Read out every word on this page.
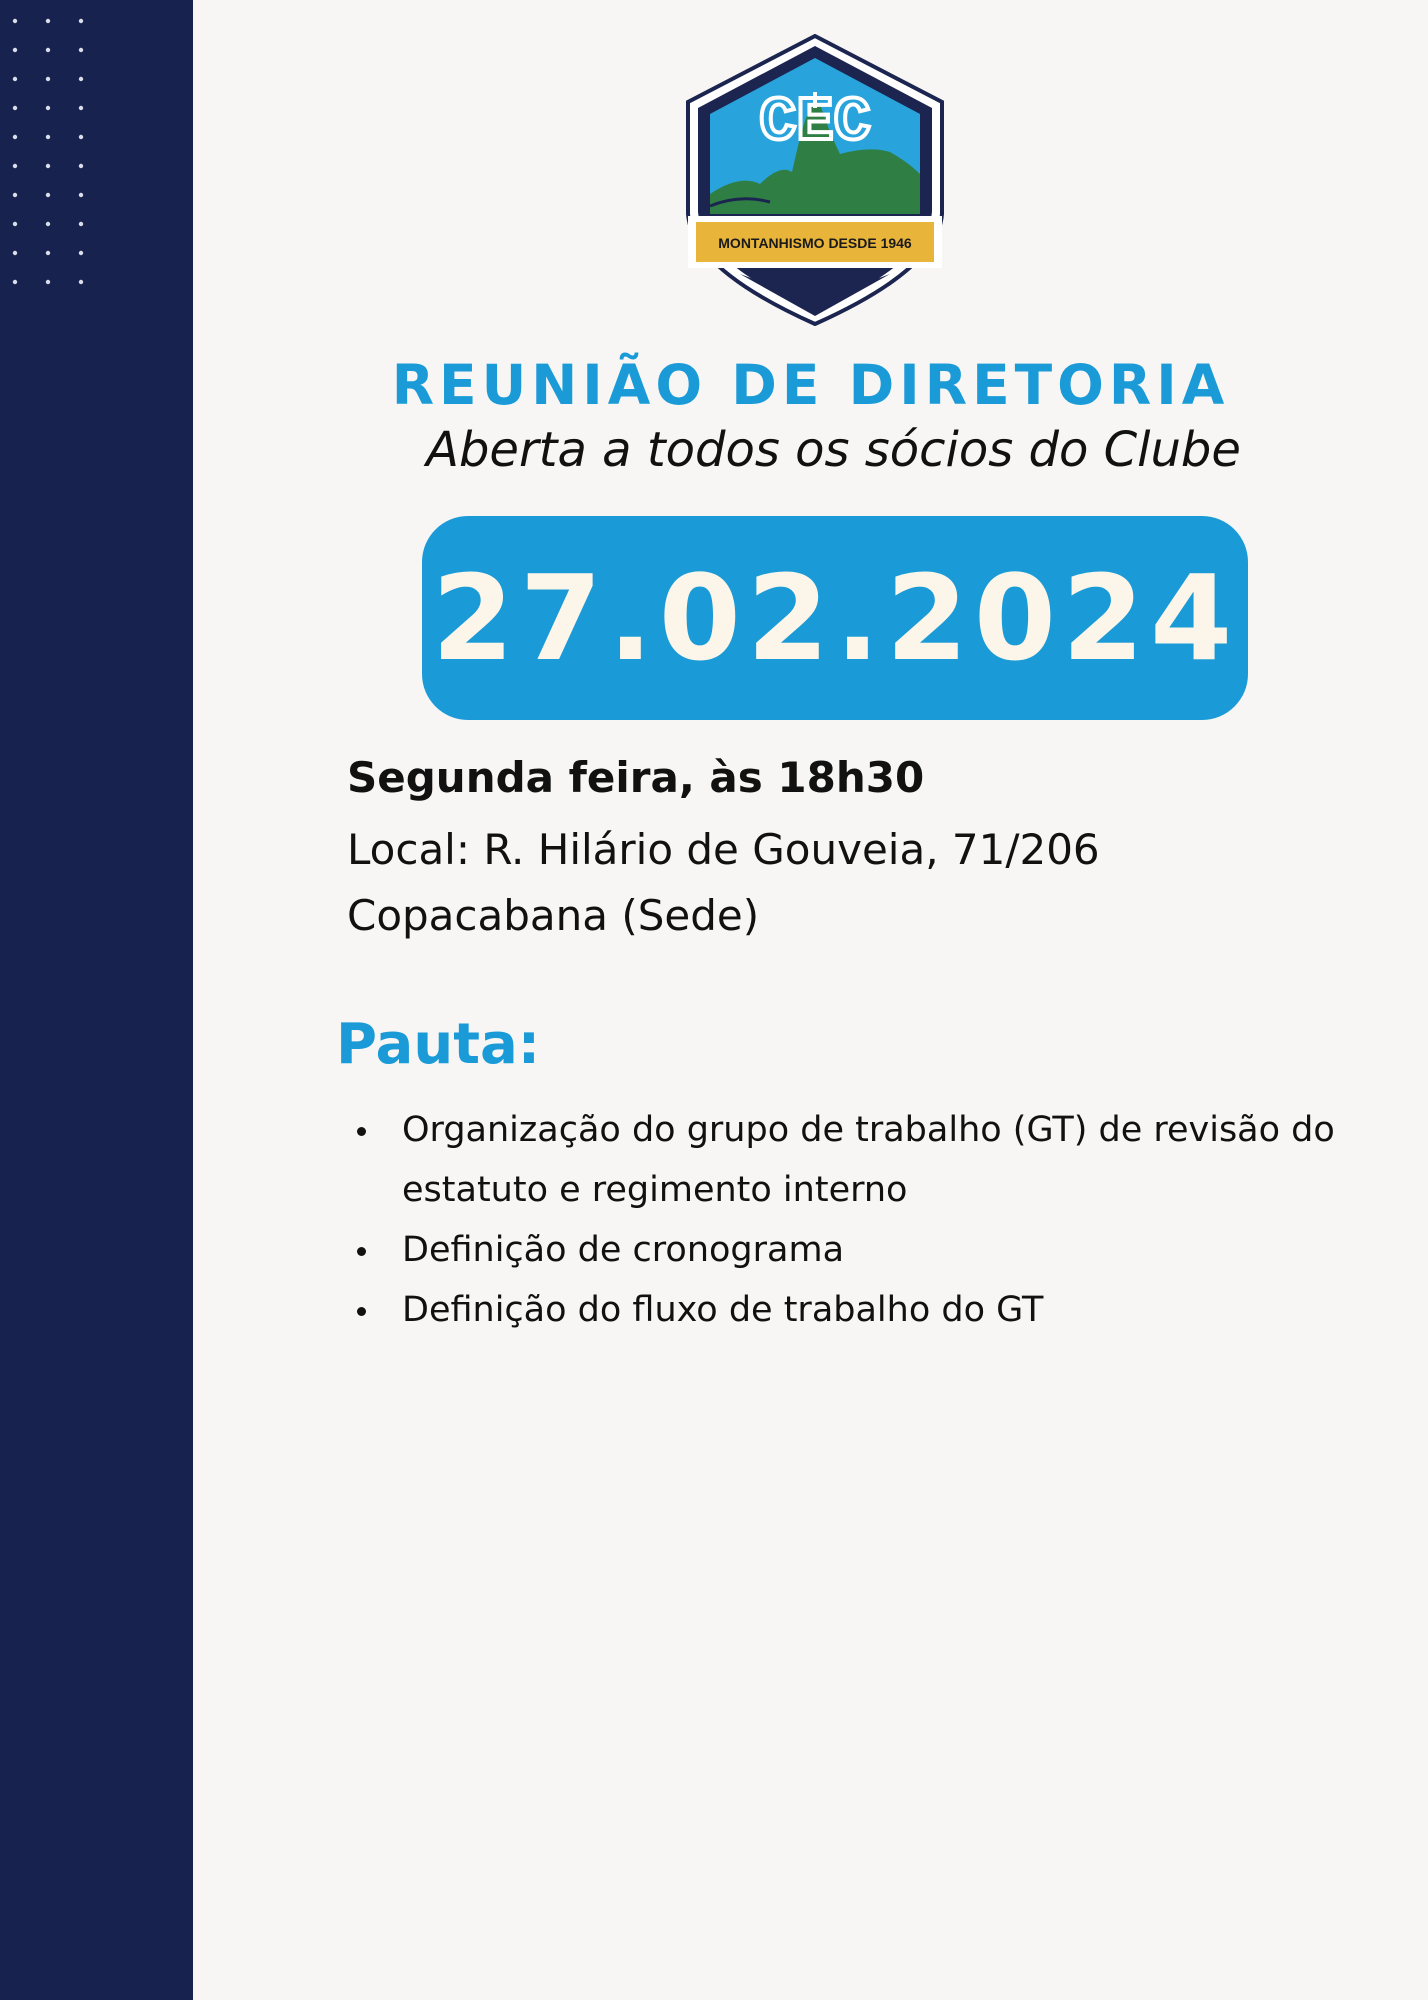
CEC
MONTANHISMO DESDE 1946
REUNIÃO DE DIRETORIA

Aberta a todos os sócios do Clube

27.02.2024

Segunda feira, às 18h30

Local: R. Hilário de Gouveia, 71/206

Copacabana (Sede)

Pauta:
Organização do grupo de trabalho (GT) de revisão do estatuto e regimento interno
Definição de cronograma
Definição do fluxo de trabalho do GT
